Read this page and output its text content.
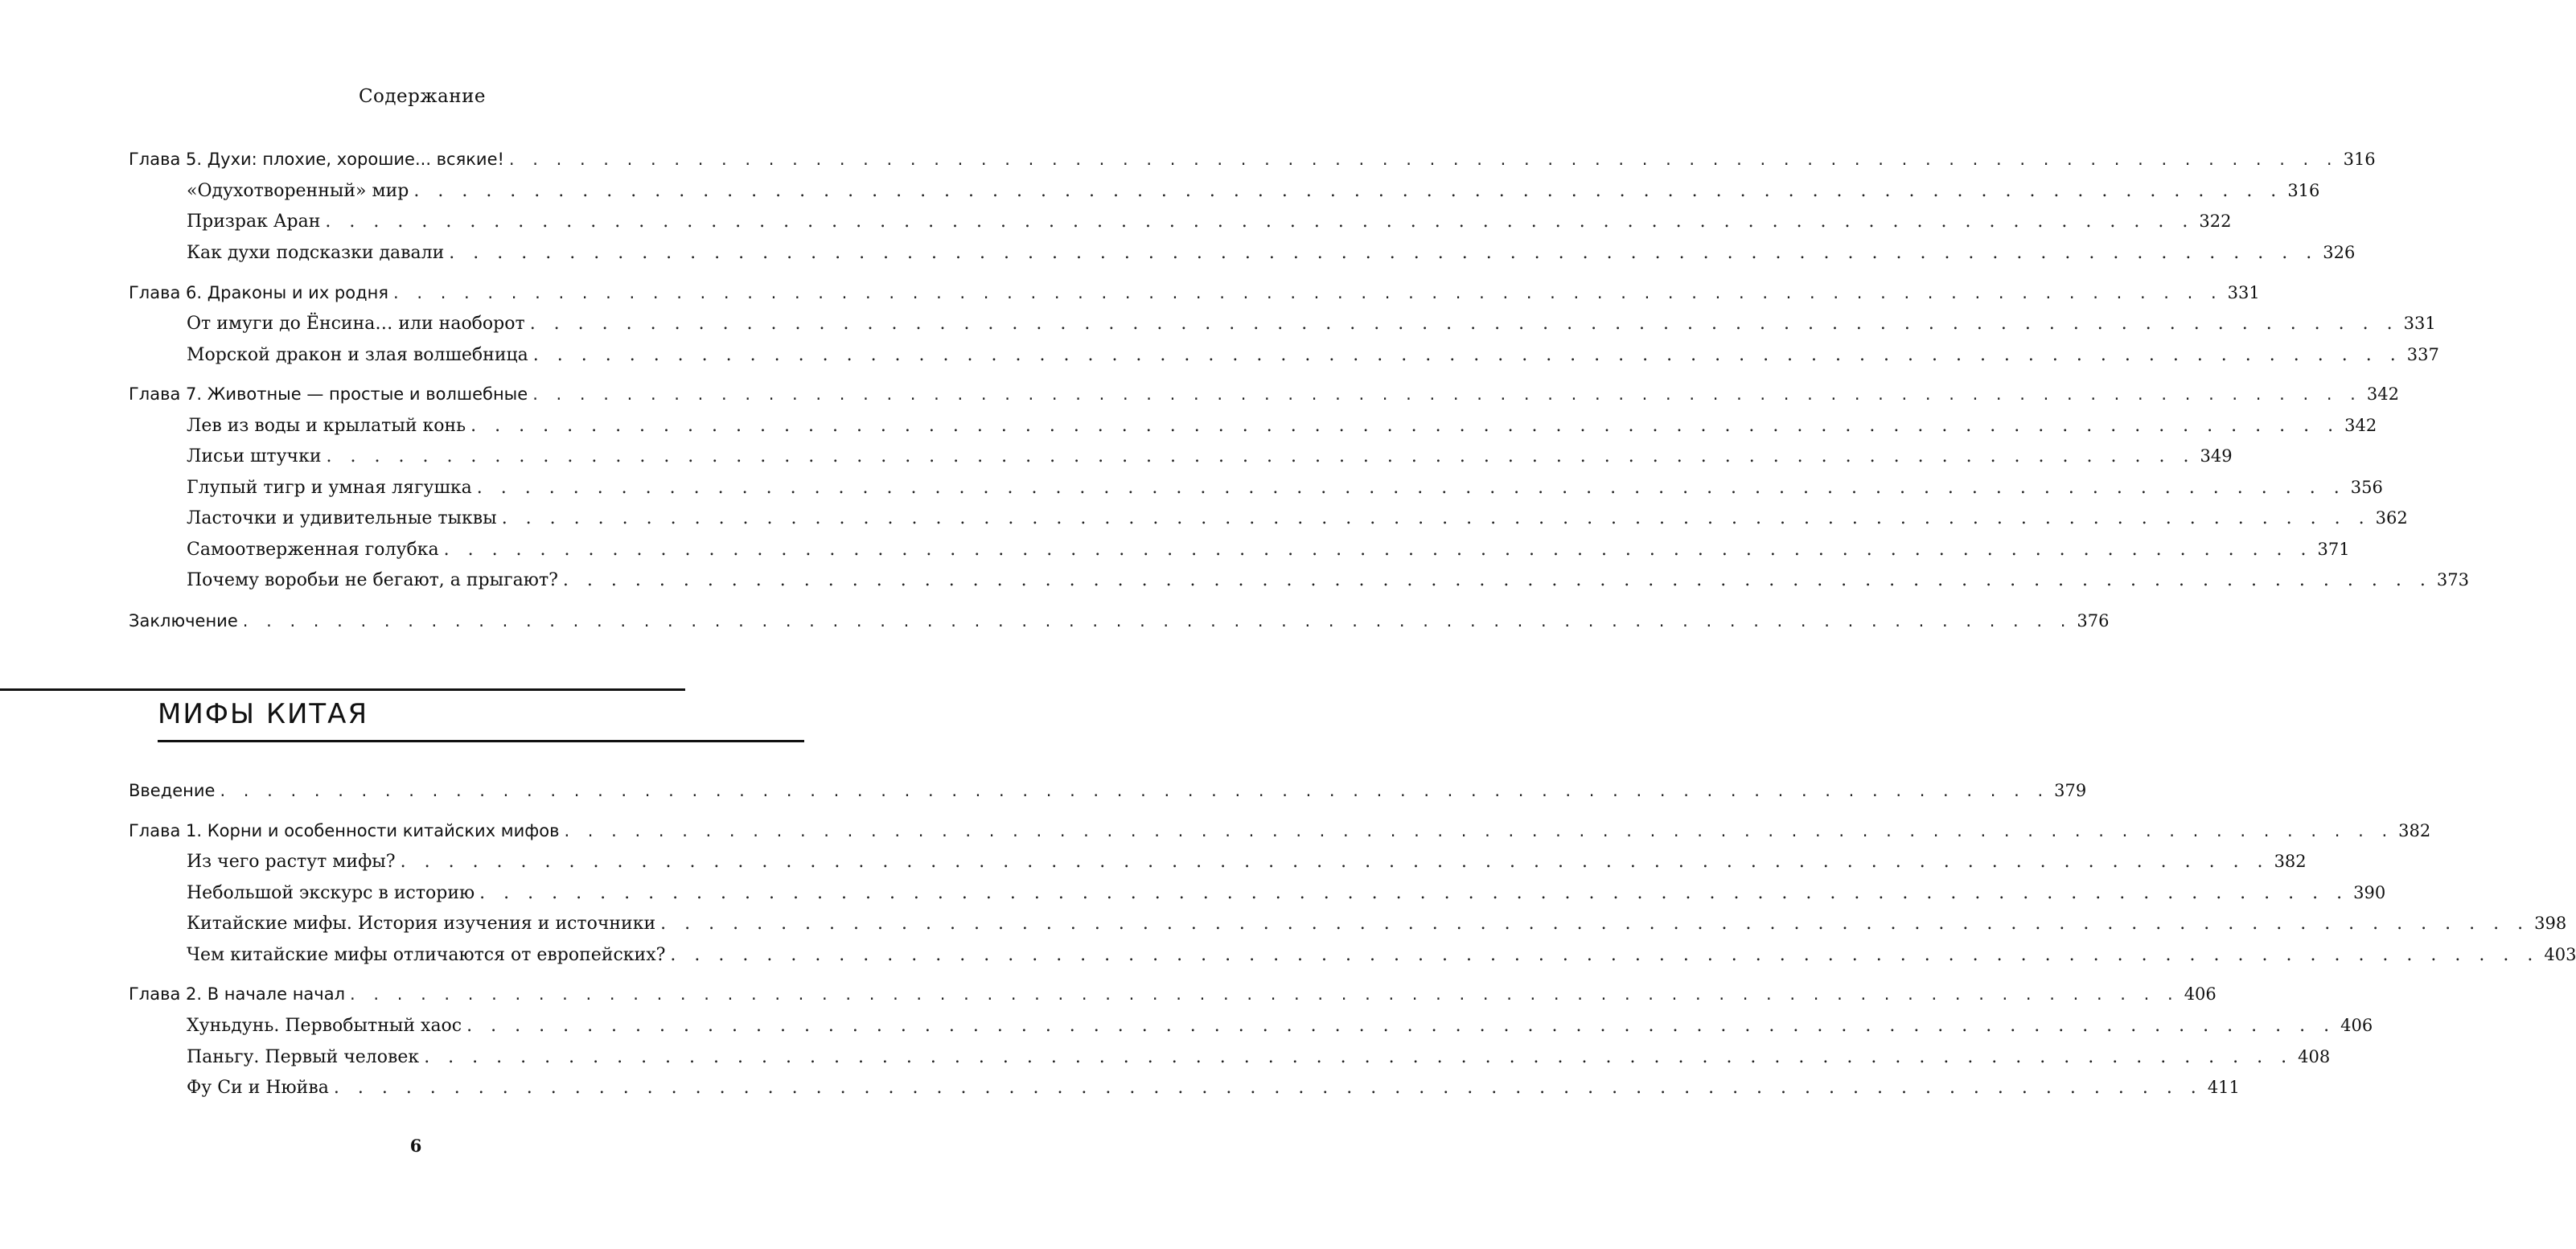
Содержание
Глава 5. Духи: плохие, хорошие... всякие! . . .	316
«Одухотворенный» мир . . .	316
Призрак Аран . . .	322
Как духи подсказки давали . . .	326
Глава 6. Драконы и их родня . . .	331
От имуги до Ёнсина… или наоборот . . .	331
Морской дракон и злая волшебница . . .	337
Глава 7. Животные — простые и волшебные . . .	342
Лев из воды и крылатый конь . . .	342
Лисьи штучки . . .	349
Глупый тигр и умная лягушка . . .	356
Ласточки и удивительные тыквы . . .	362
Самоотверженная голубка . . .	371
Почему воробьи не бегают, а прыгают? . . .	373
Заключение . . .	376
МИФЫ КИТАЯ
Введение . . .	379
Глава 1. Корни и особенности китайских мифов . . .	382
Из чего растут мифы? . . .	382
Небольшой экскурс в историю . . .	390
Китайские мифы. История изучения и источники . . .	398
Чем китайские мифы отличаются от европейских? . . .	403
Глава 2. В начале начал . . .	406
Хуньдунь. Первобытный хаос . . .	406
Паньгу. Первый человек . . .	408
Фу Си и Нюйва . . .	411
6
